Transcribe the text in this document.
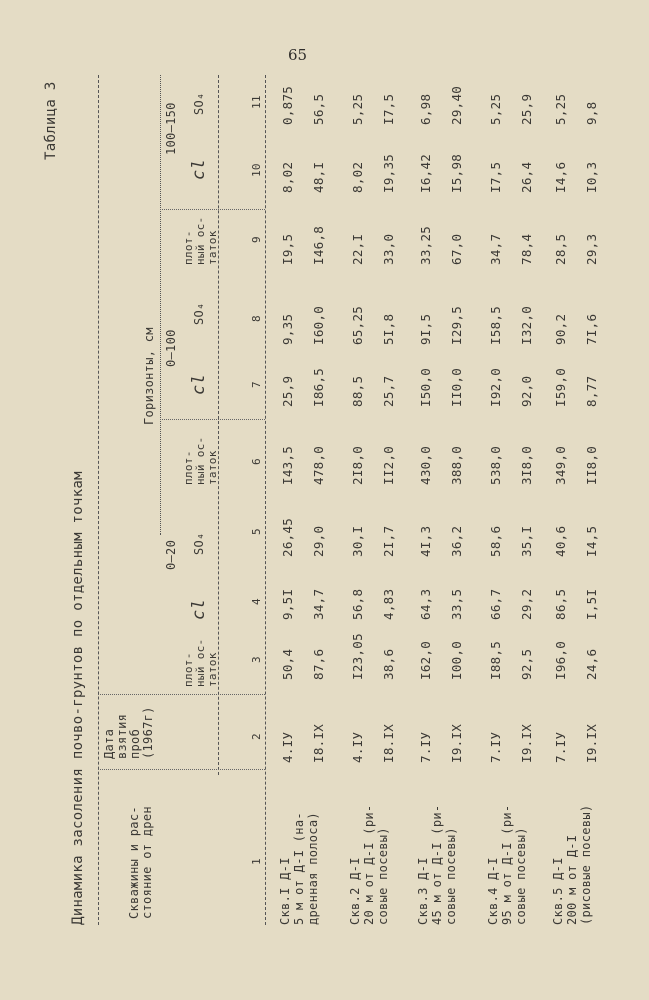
65
Таблица 3
Динамика засоления почво-грунтов по отдельным точкам	Скважины и рас- стояние от дрен
Дата взятия проб (1967г)
Горизонты, см
0–20
0–100
100–150
плот- ный ос- таток
cl
SO₄
плот- ный ос- таток
cl
SO₄
плот- ный ос- таток
cl
SO₄
1
2
3
4
5
6
7
8
9
10
11
Скв.I Д-I 5 м от Д-I (на- дренная полоса)
4.IУ
50,4
9,5I
26,45
I43,5
25,9
9,35
I9,5
8,02
0,875
I8.IX
87,6
34,7
29,0
478,0
I86,5
I60,0
I46,8
48,I
56,5
Скв.2 Д-I 20 м от Д-I (ри- совые посевы)
4.IУ
I23,05
56,8
30,I
2I8,0
88,5
65,25
22,I
8,02
5,25
I8.IX
38,6
4,83
2I,7
II2,0
25,7
5I,8
33,0
I9,35
I7,5
Скв.3 Д-I 45 м от Д-I (ри- совые посевы)
7.IУ
I62,0
64,3
4I,3
430,0
I50,0
9I,5
33,25
I6,42
6,98
I9.IX
I00,0
33,5
36,2
388,0
II0,0
I29,5
67,0
I5,98
29,40
Скв.4 Д-I 95 м от Д-I (ри- совые посевы)
7.IУ
I88,5
66,7
58,6
538,0
I92,0
I58,5
34,7
I7,5
5,25
I9.IX
92,5
29,2
35,I
3I8,0
92,0
I32,0
78,4
26,4
25,9
Скв.5 Д-I 200 м от Д-I (рисовые посевы)
7.IУ
I96,0
86,5
40,6
349,0
I59,0
90,2
28,5
I4,6
5,25
I9.IX
24,6
I,5I
I4,5
II8,0
8,77
7I,6
29,3
I0,3
9,8
